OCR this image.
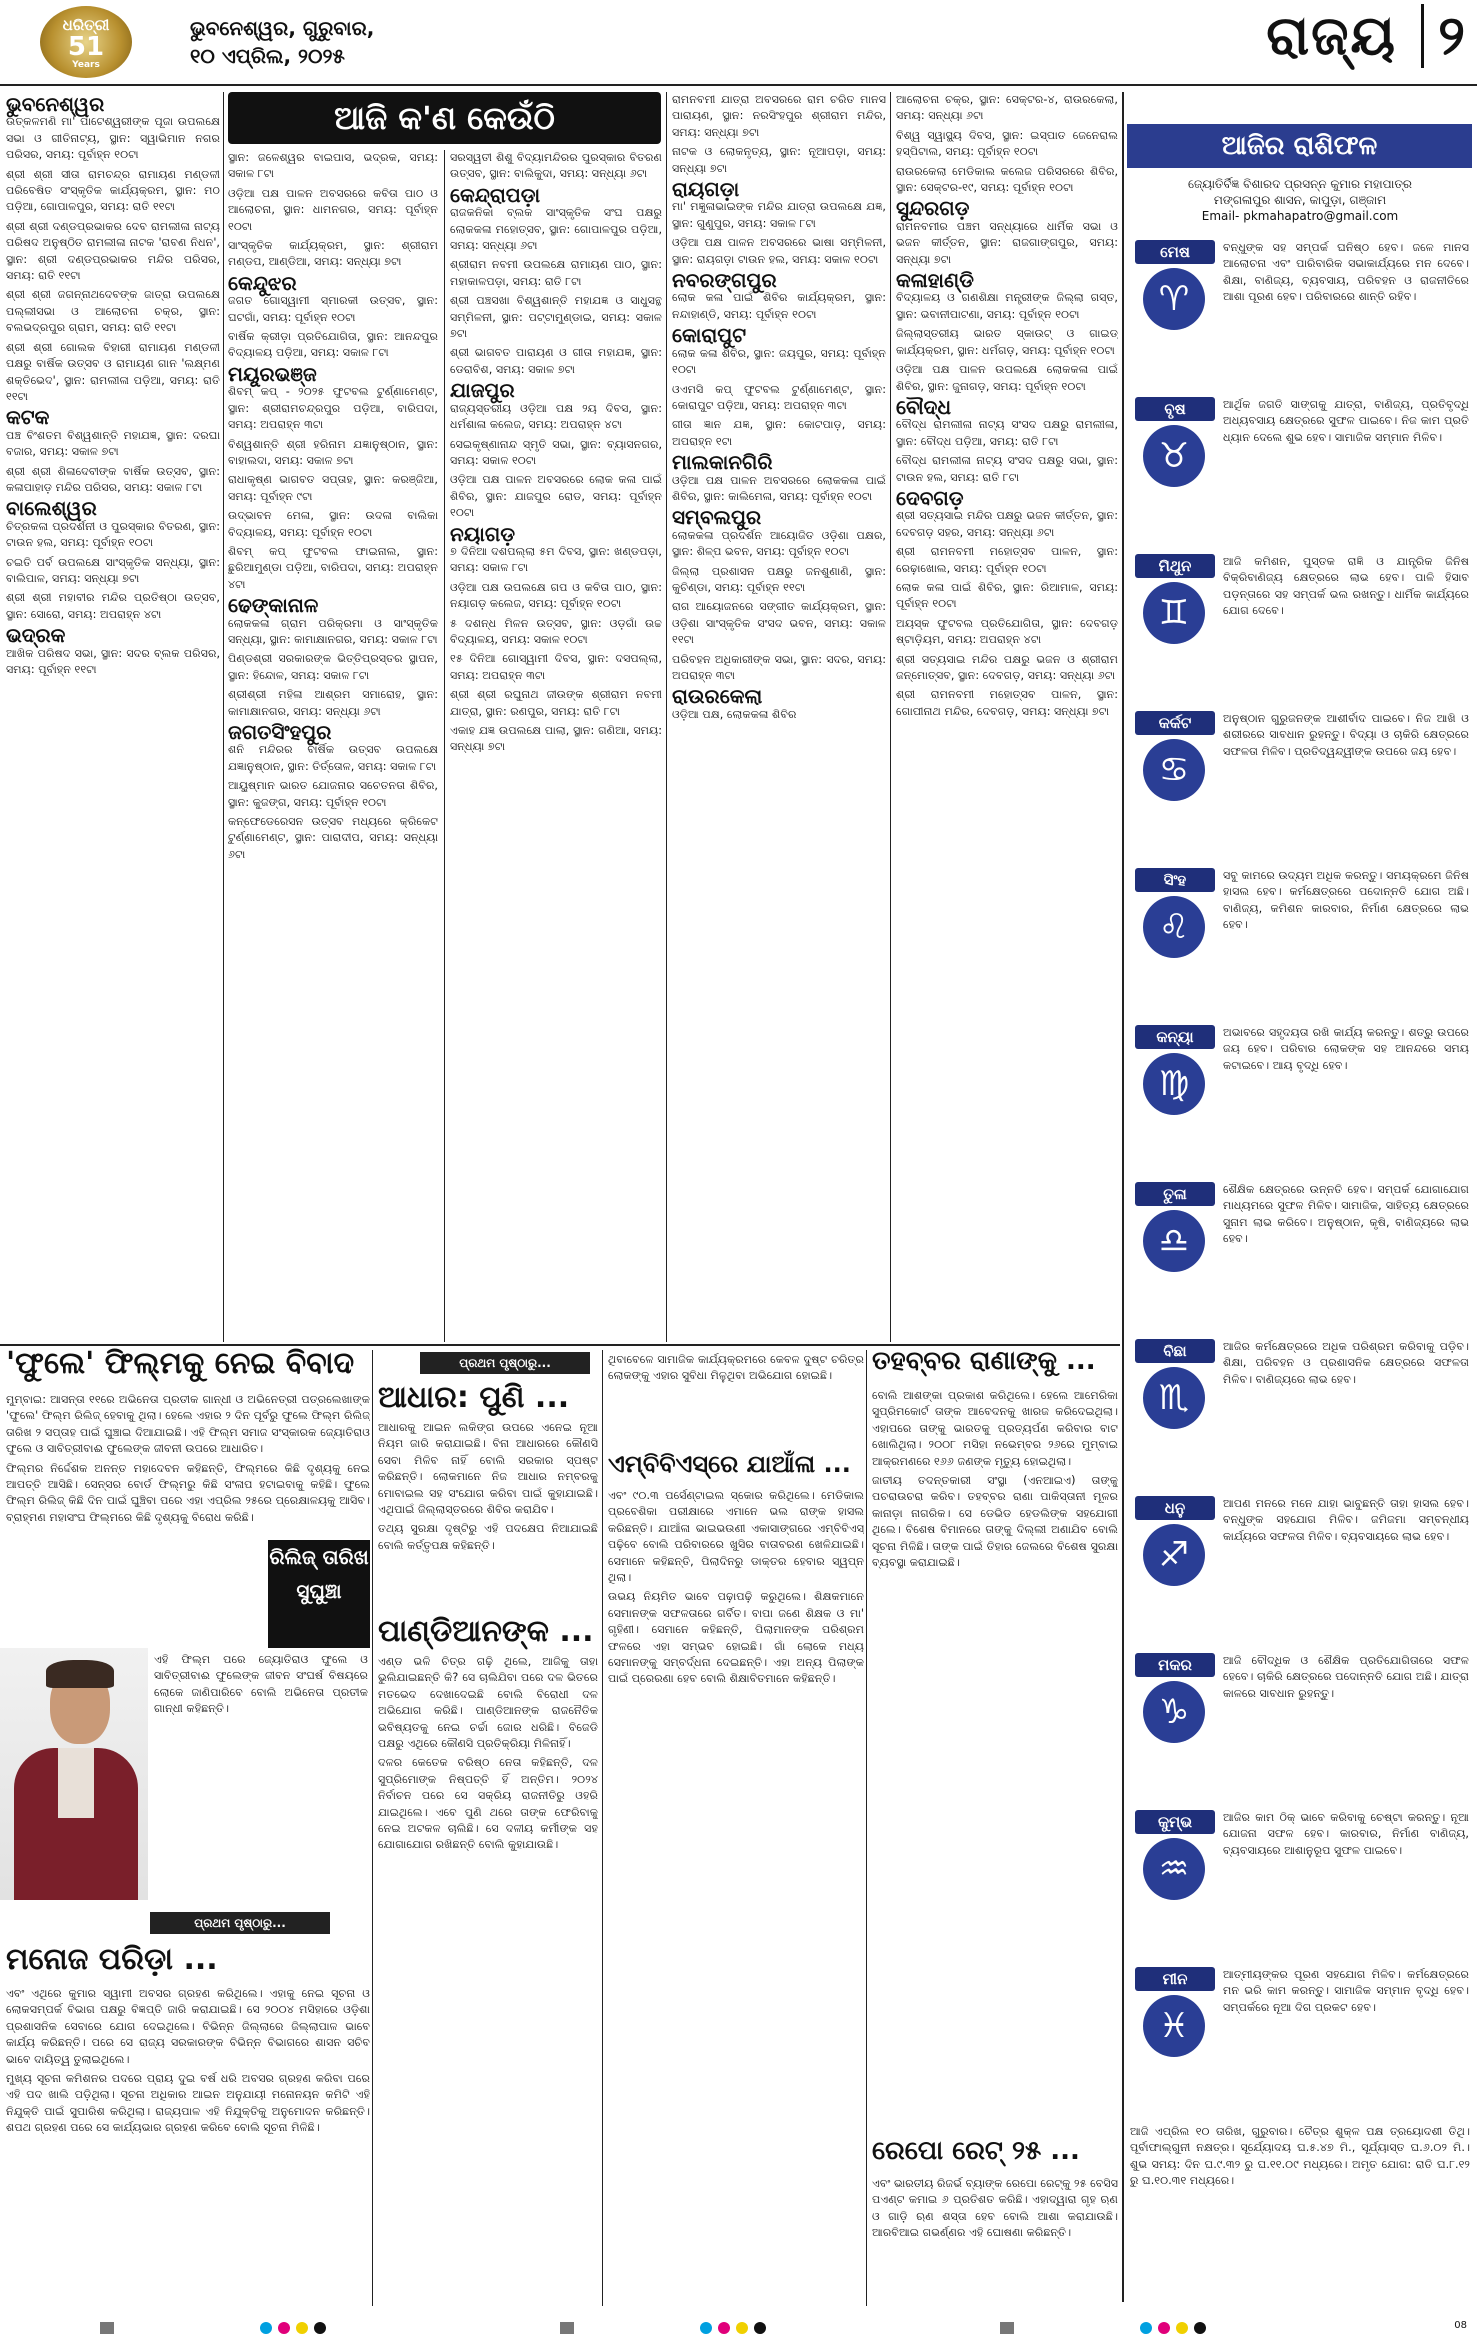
ଧରିତ୍ରୀ
51
Years
ଭୁବନେଶ୍ୱର, ଗୁରୁବାର,
୧୦ ଏପ୍ରିଲ, ୨୦୨୫	ରାଜ୍ୟ ୨
ଆଜି କ'ଣ କେଉଁଠି
ଭୁବନେଶ୍ୱର

ଉତ୍କଳମଣି ମା' ପାଟେଶ୍ୱରୀଙ୍କ ପୂଜା ଉପଲକ୍ଷେ ସଭା ଓ ଗୀତିନାଟ୍ୟ, ସ୍ଥାନ: ସ୍ୱାଭିମାନ ନଗର ପରିସର, ସମୟ: ପୂର୍ବାହ୍ନ ୧୦ଟା

ଶ୍ରୀ ଶ୍ରୀ ସୀତା ରାମଚନ୍ଦ୍ର ରାମାୟଣ ମଣ୍ଡଳୀ ପରିବେଷିତ ସଂସ୍କୃତିକ କାର୍ଯ୍ୟକ୍ରମ, ସ୍ଥାନ: ମଠ ପଡ଼ିଆ, ଗୋପାଳପୁର, ସମୟ: ରାତି ୧୧ଟା

ଶ୍ରୀ ଶ୍ରୀ ଦଣ୍ଡପ୍ରଭାକର ଦେବ ରାମଲୀଳା ନାଟ୍ୟ ପରିଷଦ ଅନୁଷ୍ଠିତ ରାମଲୀଳା ନାଟକ 'ରାବଣ ନିଧନ', ସ୍ଥାନ: ଶ୍ରୀ ଦଣ୍ଡପ୍ରଭାକର ମନ୍ଦିର ପରିସର, ସମୟ: ରାତି ୧୧ଟା

ଶ୍ରୀ ଶ୍ରୀ ଜଗନ୍ନାଥଦେବଙ୍କ ଜାତ୍ରା ଉପଲକ୍ଷେ ପଲ୍ଲୀସଭା ଓ ଆଲୋଚନା ଚକ୍ର, ସ୍ଥାନ: ବଲଭଦ୍ରପୁର ଗ୍ରାମ, ସମୟ: ରାତି ୧୧ଟା

ଶ୍ରୀ ଶ୍ରୀ ଗୋଲକ ବିହାରୀ ରାମାୟଣ ମଣ୍ଡଳୀ ପକ୍ଷରୁ ବାର୍ଷିକ ଉତ୍ସବ ଓ ରାମାୟଣ ଗାନ 'ଲକ୍ଷ୍ମଣ ଶକ୍ତିଭେଦ', ସ୍ଥାନ: ରାମଲୀଳା ପଡ଼ିଆ, ସମୟ: ରାତି ୧୧ଟା

କଟକ

ପଞ୍ଚ ବିଂଶତମ ବିଶ୍ୱଶାନ୍ତି ମହାଯଜ୍ଞ, ସ୍ଥାନ: ଦରଘା ବଜାର, ସମୟ: ସକାଳ ୭ଟା

ଶ୍ରୀ ଶ୍ରୀ ଶିଳାଦେବୀଙ୍କ ବାର୍ଷିକ ଉତ୍ସବ, ସ୍ଥାନ: କଳାପାହାଡ଼ ମନ୍ଦିର ପରିସର, ସମୟ: ସକାଳ ୮ଟା

ବାଲେଶ୍ୱର

ଚିତ୍ରକଳା ପ୍ରଦର୍ଶନୀ ଓ ପୁରସ୍କାର ବିତରଣ, ସ୍ଥାନ: ଟାଉନ ହଲ, ସମୟ: ପୂର୍ବାହ୍ନ ୧୦ଟା

ଚଇତି ପର୍ବ ଉପଲକ୍ଷେ ସାଂସ୍କୃତିକ ସନ୍ଧ୍ୟା, ସ୍ଥାନ: ବାଲିପାଳ, ସମୟ: ସନ୍ଧ୍ୟା ୭ଟା

ଶ୍ରୀ ଶ୍ରୀ ମହାବୀର ମନ୍ଦିର ପ୍ରତିଷ୍ଠା ଉତ୍ସବ, ସ୍ଥାନ: ସୋରୋ, ସମୟ: ଅପରାହ୍ନ ୪ଟା

ଭଦ୍ରକ

ଆଖିକ ପରିଷଦ ସଭା, ସ୍ଥାନ: ସଦର ବ୍ଲକ ପରିସର, ସମୟ: ପୂର୍ବାହ୍ନ ୧୧ଟା

ସ୍ଥାନ: ଜଳେଶ୍ୱର ବାଇପାସ, ଭଦ୍ରକ, ସମୟ: ସକାଳ ୮ଟା

ଓଡ଼ିଆ ପକ୍ଷ ପାଳନ ଅବସରରେ କବିତା ପାଠ ଓ ଆଲୋଚନା, ସ୍ଥାନ: ଧାମନଗର, ସମୟ: ପୂର୍ବାହ୍ନ ୧୦ଟା

ସାଂସ୍କୃତିକ କାର୍ଯ୍ୟକ୍ରମ, ସ୍ଥାନ: ଶ୍ରୀରାମ ମଣ୍ଡପ, ଆଣ୍ଡିଆ, ସମୟ: ସନ୍ଧ୍ୟା ୭ଟା

କେନ୍ଦୁଝର

ଜଗତ ଗୋସ୍ୱାମୀ ସ୍ମାରକୀ ଉତ୍ସବ, ସ୍ଥାନ: ଘଟଗାଁ, ସମୟ: ପୂର୍ବାହ୍ନ ୧୦ଟା

ବାର୍ଷିକ କ୍ରୀଡ଼ା ପ୍ରତିଯୋଗିତା, ସ୍ଥାନ: ଆନନ୍ଦପୁର ବିଦ୍ୟାଳୟ ପଡ଼ିଆ, ସମୟ: ସକାଳ ୮ଟା

ମୟୂରଭଞ୍ଜ

ଶିବମ୍ କପ୍ - ୨୦୨୫ ଫୁଟବଲ ଟୁର୍ଣ୍ଣାମେଣ୍ଟ, ସ୍ଥାନ: ଶ୍ରୀରାମଚନ୍ଦ୍ରପୁର ପଡ଼ିଆ, ବାରିପଦା, ସମୟ: ଅପରାହ୍ନ ୩ଟା

ବିଶ୍ୱଶାନ୍ତି ଶ୍ରୀ ହରିନାମ ଯଜ୍ଞାନୁଷ୍ଠାନ, ସ୍ଥାନ: ବାହାଲଦା, ସମୟ: ସକାଳ ୭ଟା

ରାଧାକୃଷ୍ଣ ଭାଗବତ ସପ୍ତାହ, ସ୍ଥାନ: କରଞ୍ଜିଆ, ସମୟ: ପୂର୍ବାହ୍ନ ୯ଟା

ଉଦ୍ଭାବନ ମେଳା, ସ୍ଥାନ: ଉଦଳା ବାଲିକା ବିଦ୍ୟାଳୟ, ସମୟ: ପୂର୍ବାହ୍ନ ୧୦ଟା

ଶିବମ୍ କପ୍ ଫୁଟବଲ ଫାଇନାଲ, ସ୍ଥାନ: ଛୁରିଆମୁଣ୍ଡା ପଡ଼ିଆ, ବାରିପଦା, ସମୟ: ଅପରାହ୍ନ ୪ଟା

ଢେଙ୍କାନାଳ

ଲୋକକଳା ଗ୍ରାମ ପରିକ୍ରମା ଓ ସାଂସ୍କୃତିକ ସନ୍ଧ୍ୟା, ସ୍ଥାନ: କାମାକ୍ଷାନଗର, ସମୟ: ସକାଳ ୮ଟା

ପିଣ୍ଡଶ୍ରୀ ସରକାରଙ୍କ ଭିତ୍ତିପ୍ରସ୍ତର ସ୍ଥାପନ, ସ୍ଥାନ: ହିନ୍ଦୋଳ, ସମୟ: ସକାଳ ୮ଟା

ଶ୍ରୀଶ୍ରୀ ମହିଳା ଆଶ୍ରମ ସମାରୋହ, ସ୍ଥାନ: କାମାକ୍ଷାନଗର, ସମୟ: ସନ୍ଧ୍ୟା ୬ଟା

ଜଗତସିଂହପୁର

ଶନି ମନ୍ଦିରର ବାର୍ଷିକ ଉତ୍ସବ ଉପଲକ୍ଷେ ଯଜ୍ଞାନୁଷ୍ଠାନ, ସ୍ଥାନ: ତିର୍ତ୍ତୋଳ, ସମୟ: ସକାଳ ୮ଟା

ଆୟୁଷ୍ମାନ ଭାରତ ଯୋଜନାର ସଚେତନତା ଶିବିର, ସ୍ଥାନ: କୁଜଙ୍ଗ, ସମୟ: ପୂର୍ବାହ୍ନ ୧୦ଟା

କନ୍ଫେଡେରେସନ ଉତ୍ସବ ମଧ୍ୟରେ କ୍ରିକେଟ ଟୁର୍ଣ୍ଣାମେଣ୍ଟ, ସ୍ଥାନ: ପାରାଦୀପ, ସମୟ: ସନ୍ଧ୍ୟା ୬ଟା

ସରସ୍ୱତୀ ଶିଶୁ ବିଦ୍ୟାମନ୍ଦିରର ପୁରସ୍କାର ବିତରଣ ଉତ୍ସବ, ସ୍ଥାନ: ବାଲିକୁଦା, ସମୟ: ସନ୍ଧ୍ୟା ୬ଟା

କେନ୍ଦ୍ରାପଡ଼ା

ରାଜକନିକା ବ୍ଲକ ସାଂସ୍କୃତିକ ସଂଘ ପକ୍ଷରୁ ଲୋକକଳା ମହୋତ୍ସବ, ସ୍ଥାନ: ଗୋପାଳପୁର ପଡ଼ିଆ, ସମୟ: ସନ୍ଧ୍ୟା ୬ଟା

ଶ୍ରୀରାମ ନବମୀ ଉପଲକ୍ଷେ ରାମାୟଣ ପାଠ, ସ୍ଥାନ: ମହାକାଳପଡ଼ା, ସମୟ: ରାତି ୮ଟା

ଶ୍ରୀ ପଞ୍ଚସଖା ବିଶ୍ୱଶାନ୍ତି ମହାଯଜ୍ଞ ଓ ସାଧୁସନ୍ଥ ସମ୍ମିଳନୀ, ସ୍ଥାନ: ପଟ୍ଟାମୁଣ୍ଡାଇ, ସମୟ: ସକାଳ ୭ଟା

ଶ୍ରୀ ଭାଗବତ ପାରାୟଣ ଓ ଗୀତା ମହାଯଜ୍ଞ, ସ୍ଥାନ: ଡେରାବିଶ, ସମୟ: ସକାଳ ୭ଟା

ଯାଜପୁର

ରାଜ୍ୟସ୍ତରୀୟ ଓଡ଼ିଆ ପକ୍ଷ ୨ୟ ଦିବସ, ସ୍ଥାନ: ଧର୍ମଶାଳା କଲେଜ, ସମୟ: ଅପରାହ୍ନ ୪ଟା

ସେଇକୃଷ୍ଣାନାନ୍ଦ ସ୍ମୃତି ସଭା, ସ୍ଥାନ: ବ୍ୟାସନଗର, ସମୟ: ସକାଳ ୧୦ଟା

ଓଡ଼ିଆ ପକ୍ଷ ପାଳନ ଅବସରରେ ଲୋକ କଳା ପାଇଁ ଶିବିର, ସ୍ଥାନ: ଯାଜପୁର ରୋଡ, ସମୟ: ପୂର୍ବାହ୍ନ ୧୦ଟା

ନୟାଗଡ଼

୭ ଦିନିଆ ଦଶପଲ୍ଲା ୫ମ ଦିବସ, ସ୍ଥାନ: ଖଣ୍ଡପଡ଼ା, ସମୟ: ସକାଳ ୮ଟା

ଓଡ଼ିଆ ପକ୍ଷ ଉପଲକ୍ଷେ ଗପ ଓ କବିତା ପାଠ, ସ୍ଥାନ: ନୟାଗଡ଼ କଲେଜ, ସମୟ: ପୂର୍ବାହ୍ନ ୧୦ଟା

୫ ଦଶନ୍ଧ ମିଳନ ଉତ୍ସବ, ସ୍ଥାନ: ଓଡ଼ଗାଁ ଉଚ୍ଚ ବିଦ୍ୟାଳୟ, ସମୟ: ସକାଳ ୧୦ଟା

୧୫ ଦିନିଆ ଗୋସ୍ୱାମୀ ଦିବସ, ସ୍ଥାନ: ଦସପଲ୍ଲା, ସମୟ: ଅପରାହ୍ନ ୩ଟା

ଶ୍ରୀ ଶ୍ରୀ ରଘୁନାଥ ଜୀଉଙ୍କ ଶ୍ରୀରାମ ନବମୀ ଯାତ୍ରା, ସ୍ଥାନ: ରଣପୁର, ସମୟ: ରାତି ୮ଟା

ଏକାହ ଯଜ୍ଞ ଉପଲକ୍ଷେ ପାଲା, ସ୍ଥାନ: ଗଣିଆ, ସମୟ: ସନ୍ଧ୍ୟା ୭ଟା

ରାମନବମୀ ଯାତ୍ରା ଅବସରରେ ରାମ ଚରିତ ମାନସ ପାରାୟଣ, ସ୍ଥାନ: ନରସିଂହପୁର ଶ୍ରୀରାମ ମନ୍ଦିର, ସମୟ: ସନ୍ଧ୍ୟା ୭ଟା

ନାଟକ ଓ ଲୋକନୃତ୍ୟ, ସ୍ଥାନ: ନୂଆପଡ଼ା, ସମୟ: ସନ୍ଧ୍ୟା ୭ଟା

ରାୟଗଡ଼ା

ମା' ମଜ୍ଞୁଳାଭାଇଙ୍କ ମନ୍ଦିର ଯାତ୍ରା ଉପଲକ୍ଷେ ଯଜ୍ଞ, ସ୍ଥାନ: ଗୁଣୁପୁର, ସମୟ: ସକାଳ ୮ଟା

ଓଡ଼ିଆ ପକ୍ଷ ପାଳନ ଅବସରରେ ଭାଷା ସମ୍ମିଳନୀ, ସ୍ଥାନ: ରାୟଗଡ଼ା ଟାଉନ ହଲ, ସମୟ: ସକାଳ ୧୦ଟା

ନବରଙ୍ଗପୁର

ଲୋକ କଳା ପାଇଁ ଶିବିର କାର୍ଯ୍ୟକ୍ରମ, ସ୍ଥାନ: ନନ୍ଦାହାଣ୍ଡି, ସମୟ: ପୂର୍ବାହ୍ନ ୧୦ଟା

କୋରାପୁଟ

ଲୋକ କଳା ଶିବିର, ସ୍ଥାନ: ଜୟପୁର, ସମୟ: ପୂର୍ବାହ୍ନ ୧୦ଟା

ଓଏମସି କପ୍ ଫୁଟବଲ ଟୁର୍ଣ୍ଣାମେଣ୍ଟ, ସ୍ଥାନ: କୋରାପୁଟ ପଡ଼ିଆ, ସମୟ: ଅପରାହ୍ନ ୩ଟା

ଗୀତା ଜ୍ଞାନ ଯଜ୍ଞ, ସ୍ଥାନ: କୋଟପାଡ଼, ସମୟ: ଅପରାହ୍ନ ୧ଟା

ମାଲକାନଗିରି

ଓଡ଼ିଆ ପକ୍ଷ ପାଳନ ଅବସରରେ ଲୋକକଳା ପାଇଁ ଶିବିର, ସ୍ଥାନ: କାଲିମେଳା, ସମୟ: ପୂର୍ବାହ୍ନ ୧୦ଟା

ସମ୍ବଲପୁର

ଲୋକକଳା ପ୍ରଦର୍ଶନ ଆୟୋଜିତ ଓଡ଼ିଶା ପକ୍ଷର, ସ୍ଥାନ: ଶିଳ୍ପ ଭବନ, ସମୟ: ପୂର୍ବାହ୍ନ ୧୦ଟା

ଜିଲ୍ଲା ପ୍ରଶାସନ ପକ୍ଷରୁ ଜନଶୁଣାଣି, ସ୍ଥାନ: କୁଚିଣ୍ଡା, ସମୟ: ପୂର୍ବାହ୍ନ ୧୧ଟା

ରାଗ ଆୟୋଜନରେ ସଙ୍ଗୀତ କାର୍ଯ୍ୟକ୍ରମ, ସ୍ଥାନ: ଓଡ଼ିଶା ସାଂସ୍କୃତିକ ସଂସଦ ଭବନ, ସମୟ: ସକାଳ ୧୧ଟା

ପରିବହନ ଅଧିକାରୀଙ୍କ ସଭା, ସ୍ଥାନ: ସଦର, ସମୟ: ଅପରାହ୍ନ ୩ଟା

ରାଉରକେଲା

ଓଡ଼ିଆ ପକ୍ଷ, ଲୋକକଳା ଶିବିର

ଆଲୋଚନା ଚକ୍ର, ସ୍ଥାନ: ସେକ୍ଟର-୪, ରାଉରକେଲା, ସମୟ: ସନ୍ଧ୍ୟା ୬ଟା

ବିଶ୍ୱ ସ୍ୱାସ୍ଥ୍ୟ ଦିବସ, ସ୍ଥାନ: ଇସ୍ପାତ ଜେନେରାଲ ହସ୍ପିଟାଲ, ସମୟ: ପୂର୍ବାହ୍ନ ୧୦ଟା

ରାଉରକେଲା ମେଡିକାଲ କଲେଜ ପରିସରରେ ଶିବିର, ସ୍ଥାନ: ସେକ୍ଟର-୧୯, ସମୟ: ପୂର୍ବାହ୍ନ ୧୦ଟା

ସୁନ୍ଦରଗଡ଼

ରାମନବମୀର ପଞ୍ଚମ ସନ୍ଧ୍ୟାରେ ଧାର୍ମିକ ସଭା ଓ ଭଜନ କୀର୍ତ୍ତନ, ସ୍ଥାନ: ରାଜଗାଙ୍ଗପୁର, ସମୟ: ସନ୍ଧ୍ୟା ୭ଟା

କଳାହାଣ୍ଡି

ବିଦ୍ୟାଳୟ ଓ ଗଣଶିକ୍ଷା ମନ୍ତ୍ରୀଙ୍କ ଜିଲ୍ଲା ଗସ୍ତ, ସ୍ଥାନ: ଭବାନୀପାଟଣା, ସମୟ: ପୂର୍ବାହ୍ନ ୧୦ଟା

ଜିଲ୍ଲାସ୍ତରୀୟ ଭାରତ ସ୍କାଉଟ୍ ଓ ଗାଇଡ୍ କାର୍ଯ୍ୟକ୍ରମ, ସ୍ଥାନ: ଧର୍ମଗଡ଼, ସମୟ: ପୂର୍ବାହ୍ନ ୧୦ଟା

ଓଡ଼ିଆ ପକ୍ଷ ପାଳନ ଉପଲକ୍ଷେ ଲୋକକଳା ପାଇଁ ଶିବିର, ସ୍ଥାନ: ଜୁନାଗଡ଼, ସମୟ: ପୂର୍ବାହ୍ନ ୧୦ଟା

ବୌଦ୍ଧ

ବୌଦ୍ଧ ରାମଲୀଳା ନାଟ୍ୟ ସଂସଦ ପକ୍ଷରୁ ରାମଲୀଳା, ସ୍ଥାନ: ବୌଦ୍ଧ ପଡ଼ିଆ, ସମୟ: ରାତି ୮ଟା

ବୌଦ୍ଧ ରାମଲୀଳା ନାଟ୍ୟ ସଂସଦ ପକ୍ଷରୁ ସଭା, ସ୍ଥାନ: ଟାଉନ ହଲ, ସମୟ: ରାତି ୮ଟା

ଦେବଗଡ଼

ଶ୍ରୀ ସତ୍ୟସାଇ ମନ୍ଦିର ପକ୍ଷରୁ ଭଜନ କୀର୍ତ୍ତନ, ସ୍ଥାନ: ଦେବଗଡ଼ ସହର, ସମୟ: ସନ୍ଧ୍ୟା ୬ଟା

ଶ୍ରୀ ରାମନବମୀ ମହୋତ୍ସବ ପାଳନ, ସ୍ଥାନ: ରେଢ଼ାଖୋଲ, ସମୟ: ପୂର୍ବାହ୍ନ ୧୦ଟା

ଲୋକ କଳା ପାଇଁ ଶିବିର, ସ୍ଥାନ: ରିଆମାଳ, ସମୟ: ପୂର୍ବାହ୍ନ ୧୦ଟା

ଅୟସ୍କ ଫୁଟବଲ ପ୍ରତିଯୋଗିତା, ସ୍ଥାନ: ଦେବଗଡ଼ ଷ୍ଟାଡ଼ିୟମ, ସମୟ: ଅପରାହ୍ନ ୪ଟା

ଶ୍ରୀ ସତ୍ୟସାଇ ମନ୍ଦିର ପକ୍ଷରୁ ଭଜନ ଓ ଶ୍ରୀରାମ ଜନ୍ମୋତ୍ସବ, ସ୍ଥାନ: ଦେବଗଡ଼, ସମୟ: ସନ୍ଧ୍ୟା ୬ଟା

ଶ୍ରୀ ରାମନବମୀ ମହୋତ୍ସବ ପାଳନ, ସ୍ଥାନ: ଗୋପୀନାଥ ମନ୍ଦିର, ଦେବଗଡ଼, ସମୟ: ସନ୍ଧ୍ୟା ୭ଟା

ଆଜିର ରାଶିଫଳ
ଜ୍ୟୋତିର୍ବିଜ୍ଞ ବିଶାରଦ ପ୍ରସନ୍ନ କୁମାର ମହାପାତ୍ର
ମଙ୍ଗଳାପୁର ଶାସନ, କାପୁଡ଼ା, ଗଞ୍ଜାମ
Email- pkmahapatro@gmail.com
ମେଷ
♈
ବନ୍ଧୁଙ୍କ ସହ ସମ୍ପର୍କ ଘନିଷ୍ଠ ହେବ। ଜଳେ ମାନସ ଆଲୋଚନା ଏବଂ ପାରିବାରିକ ସଭାକାର୍ଯ୍ୟରେ ମନ ଦେବେ। ଶିକ୍ଷା, ବାଣିଜ୍ୟ, ବ୍ୟବସାୟ, ପରିବହନ ଓ ରାଜନୀତିରେ ଆଶା ପୂରଣ ହେବ। ପରିବାରରେ ଶାନ୍ତି ରହିବ।
ବୃଷ
♉
ଆର୍ଥିକ ଜଗତି ସାଙ୍ଗକୁ ଯାତ୍ରା, ବାଣିଜ୍ୟ, ପ୍ରତିବୃଦ୍ଧି ଅଧ୍ୟବସାୟ କ୍ଷେତ୍ରରେ ସୁଫଳ ପାଇବେ। ନିଜ କାମ ପ୍ରତି ଧ୍ୟାନ ଦେଲେ ଶୁଭ ହେବ। ସାମାଜିକ ସମ୍ମାନ ମିଳିବ।
ମିଥୁନ
♊
ଆଜି କମିଶନ, ପୁସ୍ତକ ରାଜ୍ଞି ଓ ଯାନ୍ତ୍ରିକ ଜିନିଷ ବିକ୍ରିବାଣିଜ୍ୟ କ୍ଷେତ୍ରରେ ଲାଭ ହେବ। ପାଳି ହିସାବ ପଡ଼ନ୍ତାରେ ସହ ସମ୍ପର୍କ ଭଲ ରଖନ୍ତୁ। ଧାର୍ମିକ କାର୍ଯ୍ୟରେ ଯୋଗ ଦେବେ।
କର୍କଟ
♋
ଅନୁଷ୍ଠାନ ଗୁରୁଜନଙ୍କ ଆଶୀର୍ବାଦ ପାଇବେ। ନିଜ ଆଖି ଓ ଶରୀରରେ ସାବଧାନ ରୁହନ୍ତୁ। ବିଦ୍ୟା ଓ ଚାକିରି କ୍ଷେତ୍ରରେ ସଫଳତା ମିଳିବ। ପ୍ରତିଦ୍ୱନ୍ଦ୍ୱୀଙ୍କ ଉପରେ ଜୟ ହେବ।
ସିଂହ
♌
ସବୁ କାମରେ ଉଦ୍ୟମ ଅଧିକ କରନ୍ତୁ। ସମୟକ୍ରମେ ଜିନିଷ ହାସଲ ହେବ। କର୍ମକ୍ଷେତ୍ରରେ ପଦୋନ୍ନତି ଯୋଗ ଅଛି। ବାଣିଜ୍ୟ, କମିଶନ କାରବାର, ନିର୍ମାଣ କ୍ଷେତ୍ରରେ ଲାଭ ହେବ।
କନ୍ୟା
♍
ଅଭାବରେ ସହୃଦୟତା ରଖି କାର୍ଯ୍ୟ କରନ୍ତୁ। ଶତ୍ରୁ ଉପରେ ଜୟ ହେବ। ପରିବାର ଲୋକଙ୍କ ସହ ଆନନ୍ଦରେ ସମୟ କଟାଇବେ। ଆୟ ବୃଦ୍ଧି ହେବ।
ତୁଳା
♎
ଶୈକ୍ଷିକ କ୍ଷେତ୍ରରେ ଉନ୍ନତି ହେବ। ସମ୍ପର୍କ ଯୋଗାଯୋଗ ମାଧ୍ୟମରେ ସୁଫଳ ମିଳିବ। ସାମାଜିକ, ସାହିତ୍ୟ କ୍ଷେତ୍ରରେ ସୁନାମ ଲାଭ କରିବେ। ଅନୁଷ୍ଠାନ, କୃଷି, ବାଣିଜ୍ୟରେ ଲାଭ ହେବ।
ବିଛା
♏
ଆଜିର କର୍ମକ୍ଷେତ୍ରରେ ଅଧିକ ପରିଶ୍ରମ କରିବାକୁ ପଡ଼ିବ। ଶିକ୍ଷା, ପରିବହନ ଓ ପ୍ରଶାସନିକ କ୍ଷେତ୍ରରେ ସଫଳତା ମିଳିବ। ବାଣିଜ୍ୟରେ ଲାଭ ହେବ।
ଧନୁ
♐
ଆପଣ ମନରେ ମନେ ଯାହା ଭାବୁଛନ୍ତି ତାହା ହାସଲ ହେବ। ବନ୍ଧୁଙ୍କ ସହଯୋଗ ମିଳିବ। ଜମିଜମା ସମ୍ବନ୍ଧୀୟ କାର୍ଯ୍ୟରେ ସଫଳତା ମିଳିବ। ବ୍ୟବସାୟରେ ଲାଭ ହେବ।
ମକର
♑
ଆଜି ବୌଦ୍ଧିକ ଓ ଶୈକ୍ଷିକ ପ୍ରତିଯୋଗିତାରେ ସଫଳ ହେବେ। ଚାକିରି କ୍ଷେତ୍ରରେ ପଦୋନ୍ନତି ଯୋଗ ଅଛି। ଯାତ୍ରା କାଳରେ ସାବଧାନ ରୁହନ୍ତୁ।
କୁମ୍ଭ
♒
ଆଜିର କାମ ଠିକ୍ ଭାବେ କରିବାକୁ ଚେଷ୍ଟା କରନ୍ତୁ। ନୂଆ ଯୋଜନା ସଫଳ ହେବ। କାରବାର, ନିର୍ମାଣ ବାଣିଜ୍ୟ, ବ୍ୟବସାୟରେ ଆଶାନୁରୂପ ସୁଫଳ ପାଇବେ।
ମୀନ
♓
ଆତ୍ମୀୟଙ୍କର ପୂରଣ ସହଯୋଗ ମିଳିବ। କର୍ମକ୍ଷେତ୍ରରେ ମନ ଭରି କାମ କରନ୍ତୁ। ସାମାଜିକ ସମ୍ମାନ ବୃଦ୍ଧି ହେବ। ସମ୍ପର୍କରେ ନୂଆ ଦିଗ ପ୍ରକଟ ହେବ।
ଆଜି ଏପ୍ରିଲ ୧୦ ତାରିଖ, ଗୁରୁବାର। ଚୈତ୍ର ଶୁକ୍ଳ ପକ୍ଷ ତ୍ରୟୋଦଶୀ ତିଥି। ପୂର୍ବାଫାଲ୍ଗୁନୀ ନକ୍ଷତ୍ର। ସୂର୍ଯ୍ୟୋଦୟ ଘ.୫.୪୭ ମି., ସୂର୍ଯ୍ୟାସ୍ତ ଘ.୬.୦୨ ମି.। ଶୁଭ ସମୟ: ଦିନ ଘ.୯.୩୨ ରୁ ଘ.୧୧.୦୯ ମଧ୍ୟରେ। ଅମୃତ ଯୋଗ: ରାତି ଘ.୮.୧୨ ରୁ ଘ.୧୦.୩୧ ମଧ୍ୟରେ।
ପ୍ରଥମ ପୃଷ୍ଠାରୁ...
ପ୍ରଥମ ପୃଷ୍ଠାରୁ...
'ଫୁଲେ' ଫିଲ୍ମକୁ ନେଇ ବିବାଦ

ମୁମ୍ବାଇ: ଆସନ୍ତା ୧୧ରେ ଅଭିନେତା ପ୍ରତୀକ ଗାନ୍ଧୀ ଓ ଅଭିନେତ୍ରୀ ପତ୍ରଲେଖାଙ୍କ 'ଫୁଲେ' ଫିଲ୍ମ ରିଲିଜ୍ ହେବାକୁ ଥିଲା। ହେଲେ ଏହାର ୨ ଦିନ ପୂର୍ବରୁ ଫୁଲେ ଫିଲ୍ମ ରିଲିଜ୍ ତାରିଖ ୨ ସପ୍ତାହ ପାଇଁ ଘୁଞ୍ଚାଇ ଦିଆଯାଇଛି। ଏହି ଫିଲ୍ମ ସମାଜ ସଂସ୍କାରକ ଜ୍ୟୋତିରାଓ ଫୁଲେ ଓ ସାବିତ୍ରୀବାଈ ଫୁଲେଙ୍କ ଜୀବନୀ ଉପରେ ଆଧାରିତ।

ଫିଲ୍ମର ନିର୍ଦ୍ଦେଶକ ଅନନ୍ତ ମହାଦେବନ କହିଛନ୍ତି, ଫିଲ୍ମରେ କିଛି ଦୃଶ୍ୟକୁ ନେଇ ଆପତ୍ତି ଆସିଛି। ସେନ୍ସର ବୋର୍ଡ ଫିଲ୍ମରୁ କିଛି ସଂଳାପ ହଟାଇବାକୁ କହିଛି। ଫୁଲେ ଫିଲ୍ମ ରିଲିଜ୍ କିଛି ଦିନ ପାଇଁ ଘୁଞ୍ଚିବା ପରେ ଏହା ଏପ୍ରିଲ ୨୫ରେ ପ୍ରେକ୍ଷାଳୟକୁ ଆସିବ। ବ୍ରାହ୍ମଣ ମହାସଂଘ ଫିଲ୍ମରେ କିଛି ଦୃଶ୍ୟକୁ ବିରୋଧ କରିଛି।

ରିଲିଜ୍ ତାରିଖ ସୁଘୁଞ୍ଚା
ଏହି ଫିଲ୍ମ ପରେ ଜ୍ୟୋତିରାଓ ଫୁଲେ ଓ ସାବିତ୍ରୀବାଈ ଫୁଲେଙ୍କ ଜୀବନ ସଂଘର୍ଷ ବିଷୟରେ ଲୋକେ ଜାଣିପାରିବେ ବୋଲି ଅଭିନେତା ପ୍ରତୀକ ଗାନ୍ଧୀ କହିଛନ୍ତି।
ମନୋଜ ପରିଡ଼ା ...

ଏବଂ ଏଥିରେ କୁମାର ସ୍ୱାମୀ ଅବସର ଗ୍ରହଣ କରିଥିଲେ। ଏହାକୁ ନେଇ ସୂଚନା ଓ ଲୋକସମ୍ପର୍କ ବିଭାଗ ପକ୍ଷରୁ ବିଜ୍ଞପ୍ତି ଜାରି କରାଯାଇଛି। ସେ ୨୦୦୪ ମସିହାରେ ଓଡ଼ିଶା ପ୍ରଶାସନିକ ସେବାରେ ଯୋଗ ଦେଇଥିଲେ। ବିଭିନ୍ନ ଜିଲ୍ଲାରେ ଜିଲ୍ଲାପାଳ ଭାବେ କାର୍ଯ୍ୟ କରିଛନ୍ତି। ପରେ ସେ ରାଜ୍ୟ ସରକାରଙ୍କ ବିଭିନ୍ନ ବିଭାଗରେ ଶାସନ ସଚିବ ଭାବେ ଦାୟିତ୍ୱ ତୁଲାଇଥିଲେ।

ମୁଖ୍ୟ ସୂଚନା କମିଶନର ପଦରେ ପ୍ରାୟ ଦୁଇ ବର୍ଷ ଧରି ଅବସର ଗ୍ରହଣ କରିବା ପରେ ଏହି ପଦ ଖାଲି ପଡ଼ିଥିଲା। ସୂଚନା ଅଧିକାର ଆଇନ ଅନୁଯାୟୀ ମନୋନୟନ କମିଟି ଏହି ନିଯୁକ୍ତି ପାଇଁ ସୁପାରିଶ କରିଥିଲା। ରାଜ୍ୟପାଳ ଏହି ନିଯୁକ୍ତିକୁ ଅନୁମୋଦନ କରିଛନ୍ତି। ଶପଥ ଗ୍ରହଣ ପରେ ସେ କାର୍ଯ୍ୟଭାର ଗ୍ରହଣ କରିବେ ବୋଲି ସୂଚନା ମିଳିଛି।

ଆଧାର: ପୁଣି ...

ଆଧାରକୁ ଆଇନ ଲକିଙ୍ଗ ଉପରେ ଏନେଇ ନୂଆ ନିୟମ ଜାରି କରାଯାଇଛି। ବିନା ଆଧାରରେ କୌଣସି ସେବା ମିଳିବ ନାହିଁ ବୋଲି ସରକାର ସ୍ପଷ୍ଟ କରିଛନ୍ତି। ଲୋକମାନେ ନିଜ ଆଧାର ନମ୍ବରକୁ ମୋବାଇଲ ସହ ସଂଯୋଗ କରିବା ପାଇଁ କୁହାଯାଇଛି। ଏଥିପାଇଁ ଜିଲ୍ଲାସ୍ତରରେ ଶିବିର କରାଯିବ।

ତଥ୍ୟ ସୁରକ୍ଷା ଦୃଷ୍ଟିରୁ ଏହି ପଦକ୍ଷେପ ନିଆଯାଇଛି ବୋଲି କର୍ତ୍ତୃପକ୍ଷ କହିଛନ୍ତି।

ପାଣ୍ଡିଆନଙ୍କ ...

ଏଣ୍ଡ ଭଳି ଚିତ୍ର ଗଢ଼ି ଥିଲେ, ଆଜିକୁ ତାହା ଭୁଲିଯାଇଛନ୍ତି କି? ସେ ଚାଲିଯିବା ପରେ ଦଳ ଭିତରେ ମତଭେଦ ଦେଖାଦେଇଛି ବୋଲି ବିରୋଧୀ ଦଳ ଅଭିଯୋଗ କରିଛି। ପାଣ୍ଡିଆନଙ୍କ ରାଜନୈତିକ ଭବିଷ୍ୟତକୁ ନେଇ ଚର୍ଚ୍ଚା ଜୋର ଧରିଛି। ବିଜେଡି ପକ୍ଷରୁ ଏଥିରେ କୌଣସି ପ୍ରତିକ୍ରିୟା ମିଳିନାହିଁ।

ଦଳର କେତେକ ବରିଷ୍ଠ ନେତା କହିଛନ୍ତି, ଦଳ ସୁପ୍ରିମୋଙ୍କ ନିଷ୍ପତ୍ତି ହିଁ ଅନ୍ତିମ। ୨୦୨୪ ନିର୍ବାଚନ ପରେ ସେ ସକ୍ରିୟ ରାଜନୀତିରୁ ଓହରି ଯାଇଥିଲେ। ଏବେ ପୁଣି ଥରେ ତାଙ୍କ ଫେରିବାକୁ ନେଇ ଅଟକଳ ଚାଲିଛି। ସେ ଦଳୀୟ କର୍ମୀଙ୍କ ସହ ଯୋଗାଯୋଗ ରଖିଛନ୍ତି ବୋଲି କୁହାଯାଉଛି।

ଥିବାବେଳେ ସାମାଜିକ କାର୍ଯ୍ୟକ୍ରମରେ କେବଳ ଦୁଷ୍ଟ ଚରିତ୍ର ଲୋକଙ୍କୁ ଏହାର ସୁବିଧା ମିଳୁଥିବା ଅଭିଯୋଗ ହୋଇଛି।
ଏମ୍‌ବିବିଏସ୍‌ରେ ଯାଆଁଳା ...

ଏବଂ ୯୦.୩ ପର୍ସେଣ୍ଟାଇଲ ସ୍କୋର କରିଥିଲେ। ମେଡିକାଲ ପ୍ରବେଶିକା ପରୀକ୍ଷାରେ ଏମାନେ ଭଲ ରାଙ୍କ ହାସଲ କରିଛନ୍ତି। ଯାଆଁଳା ଭାଇଭଉଣୀ ଏକାସାଙ୍ଗରେ ଏମ୍‌ବିବିଏସ୍ ପଢ଼ିବେ ବୋଲି ପରିବାରରେ ଖୁସିର ବାତାବରଣ ଖେଳିଯାଇଛି। ସେମାନେ କହିଛନ୍ତି, ପିଲାଦିନରୁ ଡାକ୍ତର ହେବାର ସ୍ୱପ୍ନ ଥିଲା।

ଉଭୟ ନିୟମିତ ଭାବେ ପଢ଼ାପଢ଼ି କରୁଥିଲେ। ଶିକ୍ଷକମାନେ ସେମାନଙ୍କ ସଫଳତାରେ ଗର୍ବିତ। ବାପା ଜଣେ ଶିକ୍ଷକ ଓ ମା' ଗୃହିଣୀ। ସେମାନେ କହିଛନ୍ତି, ପିଲାମାନଙ୍କ ପରିଶ୍ରମ ଫଳରେ ଏହା ସମ୍ଭବ ହୋଇଛି। ଗାଁ ଲୋକେ ମଧ୍ୟ ସେମାନଙ୍କୁ ସମ୍ବର୍ଦ୍ଧନା ଦେଇଛନ୍ତି। ଏହା ଅନ୍ୟ ପିଲାଙ୍କ ପାଇଁ ପ୍ରେରଣା ହେବ ବୋଲି ଶିକ୍ଷାବିତମାନେ କହିଛନ୍ତି।

ତହବ୍ବର ରାଣାଙ୍କୁ ...

ବୋଲି ଆଶଙ୍କା ପ୍ରକାଶ କରିଥିଲେ। ହେଲେ ଆମେରିକା ସୁପ୍ରିମକୋର୍ଟ ତାଙ୍କ ଆବେଦନକୁ ଖାରଜ କରିଦେଇଥିଲା। ଏହାପରେ ତାଙ୍କୁ ଭାରତକୁ ପ୍ରତ୍ୟର୍ପଣ କରିବାର ବାଟ ଖୋଲିଥିଲା। ୨୦୦୮ ମସିହା ନଭେମ୍ବର ୨୬ରେ ମୁମ୍ବାଇ ଆକ୍ରମଣରେ ୧୬୬ ଜଣଙ୍କ ମୃତ୍ୟୁ ହୋଇଥିଲା।

ଜାତୀୟ ତଦନ୍ତକାରୀ ସଂସ୍ଥା (ଏନଆଇଏ) ତାଙ୍କୁ ପଚରାଉଚରା କରିବ। ତହବ୍ବର ରାଣା ପାକିସ୍ତାନୀ ମୂଳର କାନାଡ଼ା ନାଗରିକ। ସେ ଡେଭିଡ ହେଡଲିଙ୍କ ସହଯୋଗୀ ଥିଲେ। ବିଶେଷ ବିମାନରେ ତାଙ୍କୁ ଦିଲ୍ଲୀ ଅଣାଯିବ ବୋଲି ସୂଚନା ମିଳିଛି। ତାଙ୍କ ପାଇଁ ତିହାର ଜେଲରେ ବିଶେଷ ସୁରକ୍ଷା ବ୍ୟବସ୍ଥା କରାଯାଇଛି।

ରେପୋ ରେଟ୍ ୨୫ ...
ଏବଂ ଭାରତୀୟ ରିଜର୍ଭ ବ୍ୟାଙ୍କ ରେପୋ ରେଟ୍‌କୁ ୨୫ ବେସିସ ପଏଣ୍ଟ କମାଇ ୬ ପ୍ରତିଶତ କରିଛି। ଏହାଦ୍ୱାରା ଗୃହ ଋଣ ଓ ଗାଡ଼ି ଋଣ ଶସ୍ତା ହେବ ବୋଲି ଆଶା କରାଯାଉଛି। ଆରବିଆଇ ଗଭର୍ଣ୍ଣର ଏହି ଘୋଷଣା କରିଛନ୍ତି।
08
